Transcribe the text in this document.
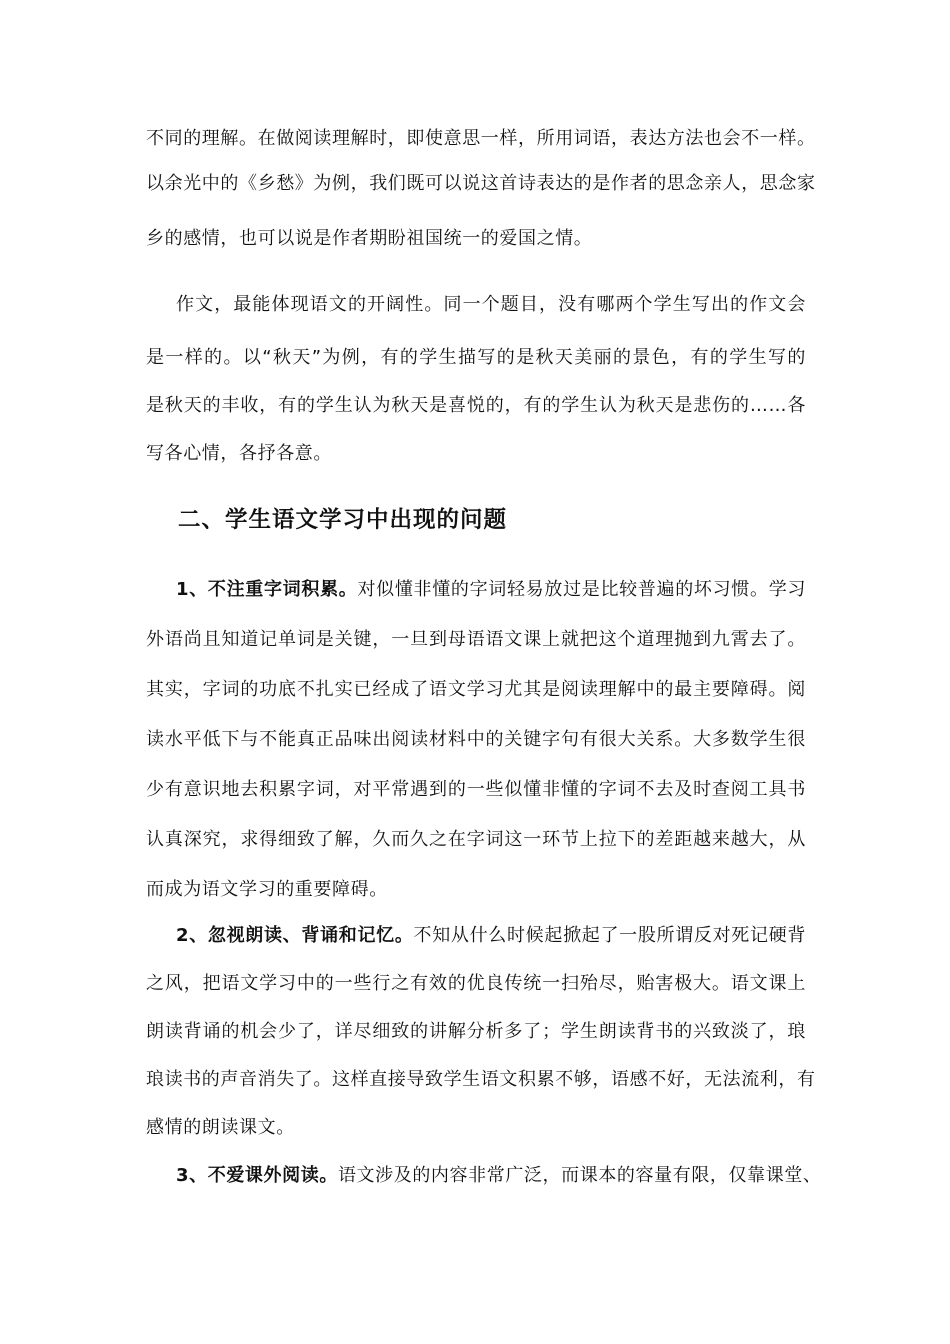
不同的理解。在做阅读理解时，即使意思一样，所用词语，表达方法也会不一样。
以余光中的《乡愁》为例，我们既可以说这首诗表达的是作者的思念亲人，思念家
乡的感情，也可以说是作者期盼祖国统一的爱国之情。
作文，最能体现语文的开阔性。同一个题目，没有哪两个学生写出的作文会
是一样的。以“秋天”为例，有的学生描写的是秋天美丽的景色，有的学生写的
是秋天的丰收，有的学生认为秋天是喜悦的，有的学生认为秋天是悲伤的……各
写各心情，各抒各意。
二、学生语文学习中出现的问题
1、不注重字词积累。对似懂非懂的字词轻易放过是比较普遍的坏习惯。学习
外语尚且知道记单词是关键，一旦到母语语文课上就把这个道理抛到九霄去了。
其实，字词的功底不扎实已经成了语文学习尤其是阅读理解中的最主要障碍。阅
读水平低下与不能真正品味出阅读材料中的关键字句有很大关系。大多数学生很
少有意识地去积累字词，对平常遇到的一些似懂非懂的字词不去及时查阅工具书
认真深究，求得细致了解，久而久之在字词这一环节上拉下的差距越来越大，从
而成为语文学习的重要障碍。
2、忽视朗读、背诵和记忆。不知从什么时候起掀起了一股所谓反对死记硬背
之风，把语文学习中的一些行之有效的优良传统一扫殆尽，贻害极大。语文课上
朗读背诵的机会少了，详尽细致的讲解分析多了；学生朗读背书的兴致淡了，琅
琅读书的声音消失了。这样直接导致学生语文积累不够，语感不好，无法流利，有
感情的朗读课文。
3、不爱课外阅读。语文涉及的内容非常广泛，而课本的容量有限，仅靠课堂、
